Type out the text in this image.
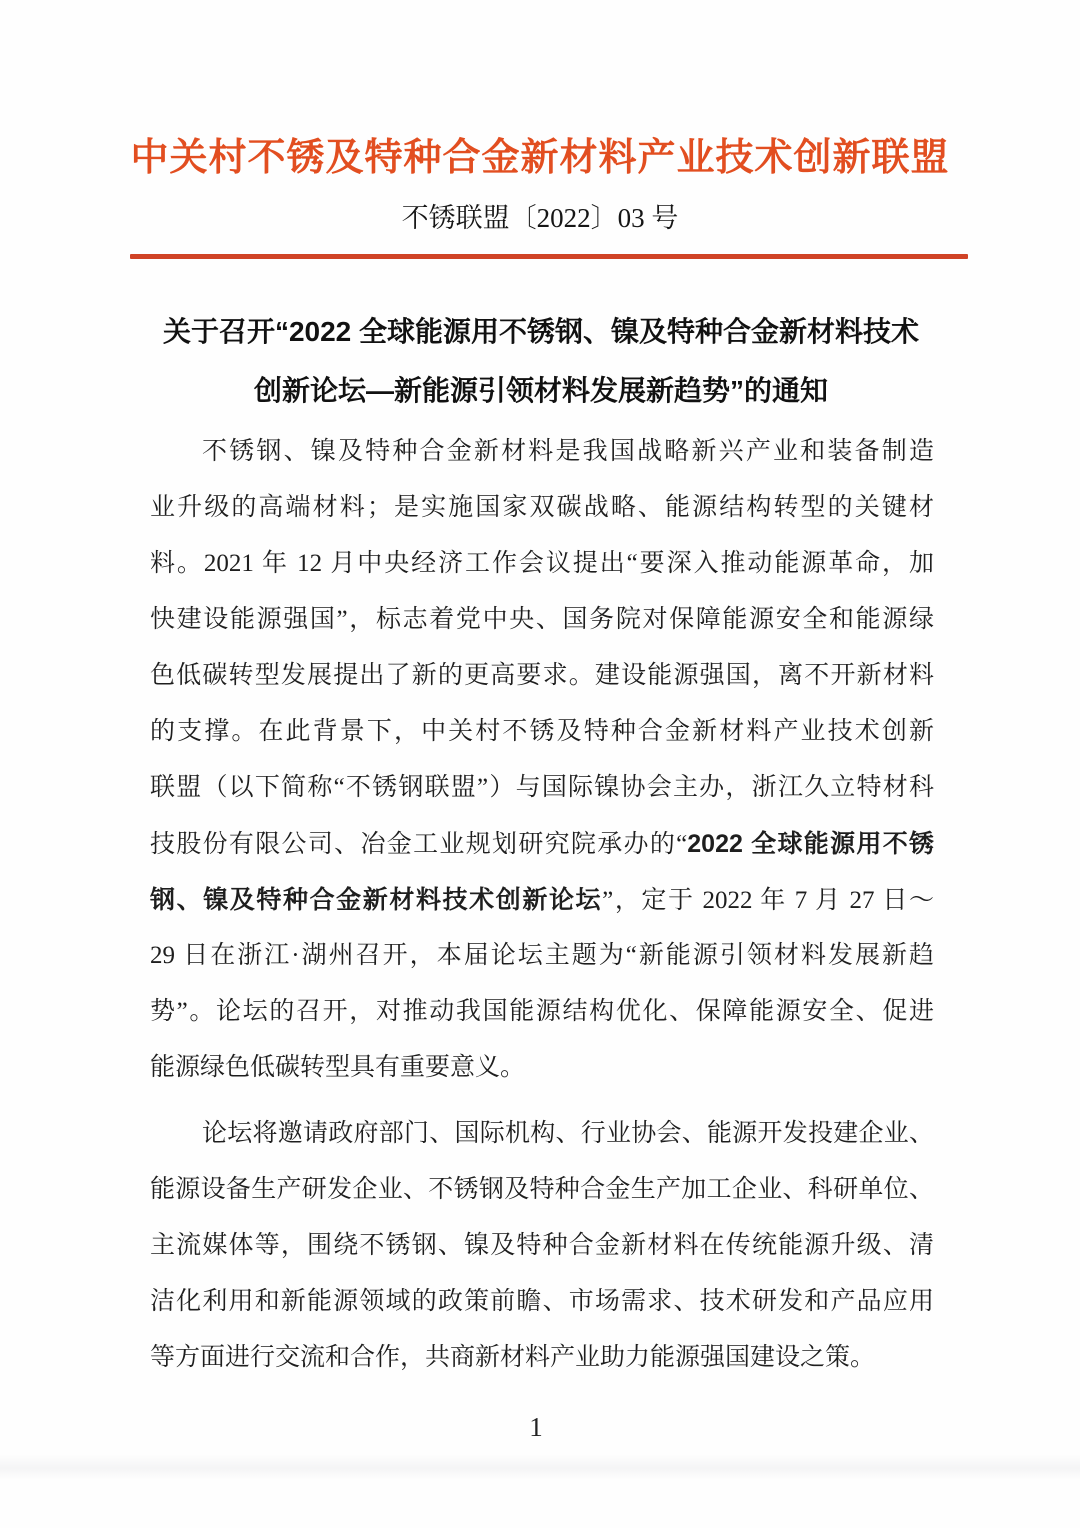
中关村不锈及特种合金新材料产业技术创新联盟
不锈联盟〔2022〕03 号
关于召开“2022 全球能源用不锈钢、镍及特种合金新材料技术
创新论坛—新能源引领材料发展新趋势”的通知
不锈钢、镍及特种合金新材料是我国战略新兴产业和装备制造
业升级的高端材料；是实施国家双碳战略、能源结构转型的关键材
料。2021 年 12 月中央经济工作会议提出“要深入推动能源革命，加
快建设能源强国”，标志着党中央、国务院对保障能源安全和能源绿
色低碳转型发展提出了新的更高要求。建设能源强国，离不开新材料
的支撑。在此背景下，中关村不锈及特种合金新材料产业技术创新
联盟（以下简称“不锈钢联盟”）与国际镍协会主办，浙江久立特材科
技股份有限公司、冶金工业规划研究院承办的“2022 全球能源用不锈
钢、镍及特种合金新材料技术创新论坛”，定于 2022 年 7 月 27 日～
29 日在浙江·湖州召开，本届论坛主题为“新能源引领材料发展新趋
势”。论坛的召开，对推动我国能源结构优化、保障能源安全、促进
能源绿色低碳转型具有重要意义。
论坛将邀请政府部门、国际机构、行业协会、能源开发投建企业、
能源设备生产研发企业、不锈钢及特种合金生产加工企业、科研单位、
主流媒体等，围绕不锈钢、镍及特种合金新材料在传统能源升级、清
洁化利用和新能源领域的政策前瞻、市场需求、技术研发和产品应用
等方面进行交流和合作，共商新材料产业助力能源强国建设之策。
1
